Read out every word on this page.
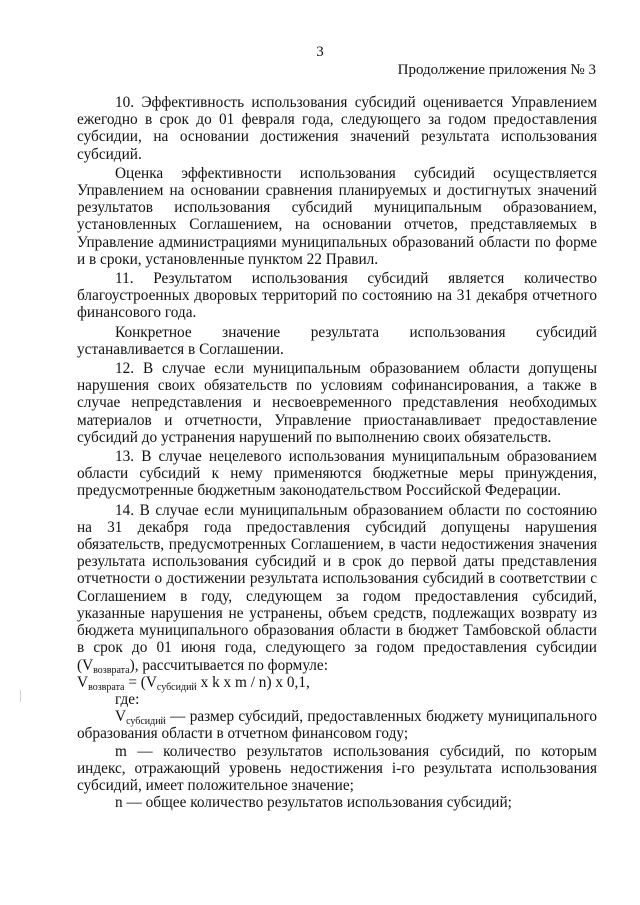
3
Продолжение приложения № 3

10. Эффективность использования субсидий оценивается Управлением ежегодно в срок до 01 февраля года, следующего за годом предоставления субсидии, на основании достижения значений результата использования субсидий.

Оценка эффективности использования субсидий осуществляется Управлением на основании сравнения планируемых и достигнутых значений результатов использования субсидий муниципальным образованием, установленных Соглашением, на основании отчетов, представляемых в Управление администрациями муниципальных образований области по форме и в сроки, установленные пунктом 22 Правил.

11. Результатом использования субсидий является количество благоустроенных дворовых территорий по состоянию на 31 декабря отчетного финансового года.

Конкретное значение результата использования субсидий устанавливается в Соглашении.

12. В случае если муниципальным образованием области допущены нарушения своих обязательств по условиям софинансирования, а также в случае непредставления и несвоевременного представления необходимых материалов и отчетности, Управление приостанавливает предоставление субсидий до устранения нарушений по выполнению своих обязательств.

13. В случае нецелевого использования муниципальным образованием области субсидий к нему применяются бюджетные меры принуждения, предусмотренные бюджетным законодательством Российской Федерации.

14. В случае если муниципальным образованием области по состоянию на 31 декабря года предоставления субсидий допущены нарушения обязательств, предусмотренных Соглашением, в части недостижения значения результата использования субсидий и в срок до первой даты представления отчетности о достижении результата использования субсидий в соответствии с Соглашением в году, следующем за годом предоставления субсидий, указанные нарушения не устранены, объем средств, подлежащих возврату из бюджета муниципального образования области в бюджет Тамбовской области в срок до 01 июня года, следующего за годом предоставления субсидии $(V_{возврата})$, рассчитывается по формуле:

$V_{возврата} = (V_{субсидий}$ x k x m / n) x 0,1,

где:

$V_{субсидий}$ — размер субсидий, предоставленных бюджету муниципального образования области в отчетном финансовом году;

m — количество результатов использования субсидий, по которым индекс, отражающий уровень недостижения i-го результата использования субсидий, имеет положительное значение;

n — общее количество результатов использования субсидий;
